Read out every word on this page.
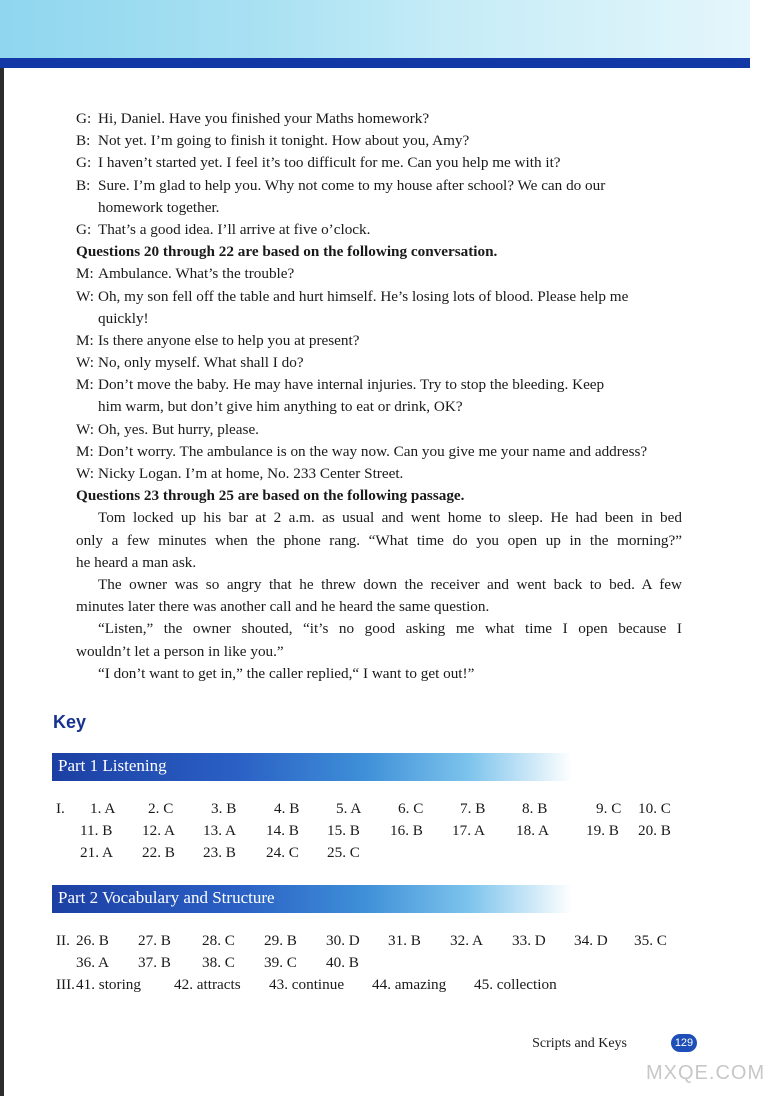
G: Hi, Daniel. Have you finished your Maths homework?
B: Not yet. I’m going to finish it tonight. How about you, Amy?
G: I haven’t started yet. I feel it’s too difficult for me. Can you help me with it?
B: Sure. I’m glad to help you. Why not come to my house after school? We can do our
homework together.
G: That’s a good idea. I’ll arrive at five o’clock.
Questions 20 through 22 are based on the following conversation.
M: Ambulance. What’s the trouble?
W: Oh, my son fell off the table and hurt himself. He’s losing lots of blood. Please help me
quickly!
M: Is there anyone else to help you at present?
W: No, only myself. What shall I do?
M: Don’t move the baby. He may have internal injuries. Try to stop the bleeding. Keep
him warm, but don’t give him anything to eat or drink, OK?
W: Oh, yes. But hurry, please.
M: Don’t worry. The ambulance is on the way now. Can you give me your name and address?
W: Nicky Logan. I’m at home, No. 233 Center Street.
Questions 23 through 25 are based on the following passage.
Tom locked up his bar at 2 a.m. as usual and went home to sleep. He had been in bed
only a few minutes when the phone rang. “What time do you open up in the morning?”
he heard a man ask.
The owner was so angry that he threw down the receiver and went back to bed. A few
minutes later there was another call and he heard the same question.
“Listen,” the owner shouted, “it’s no good asking me what time I open because I
wouldn’t let a person in like you.”
“I don’t want to get in,” the caller replied,“ I want to get out!”
Key
Part 1 Listening
I. 1. A 2. C 3. B 4. B 5. A 6. C 7. B 8. B	9. C 10. C
11. B 12. A 13. A 14. B 15. B 16. B 17. A 18. A 19. B 20. B
21. A 22. B 23. B 24. C 25. C
Part 2 Vocabulary and Structure
II. 26. B 27. B 28. C 29. B 30. D 31. B 32. A 33. D 34. D 35. C
36. A 37. B 38. C 39. C 40. B
III. 41. storing 42. attracts 43. continue 44. amazing 45. collection
Scripts and Keys	129
MXQE.COM
